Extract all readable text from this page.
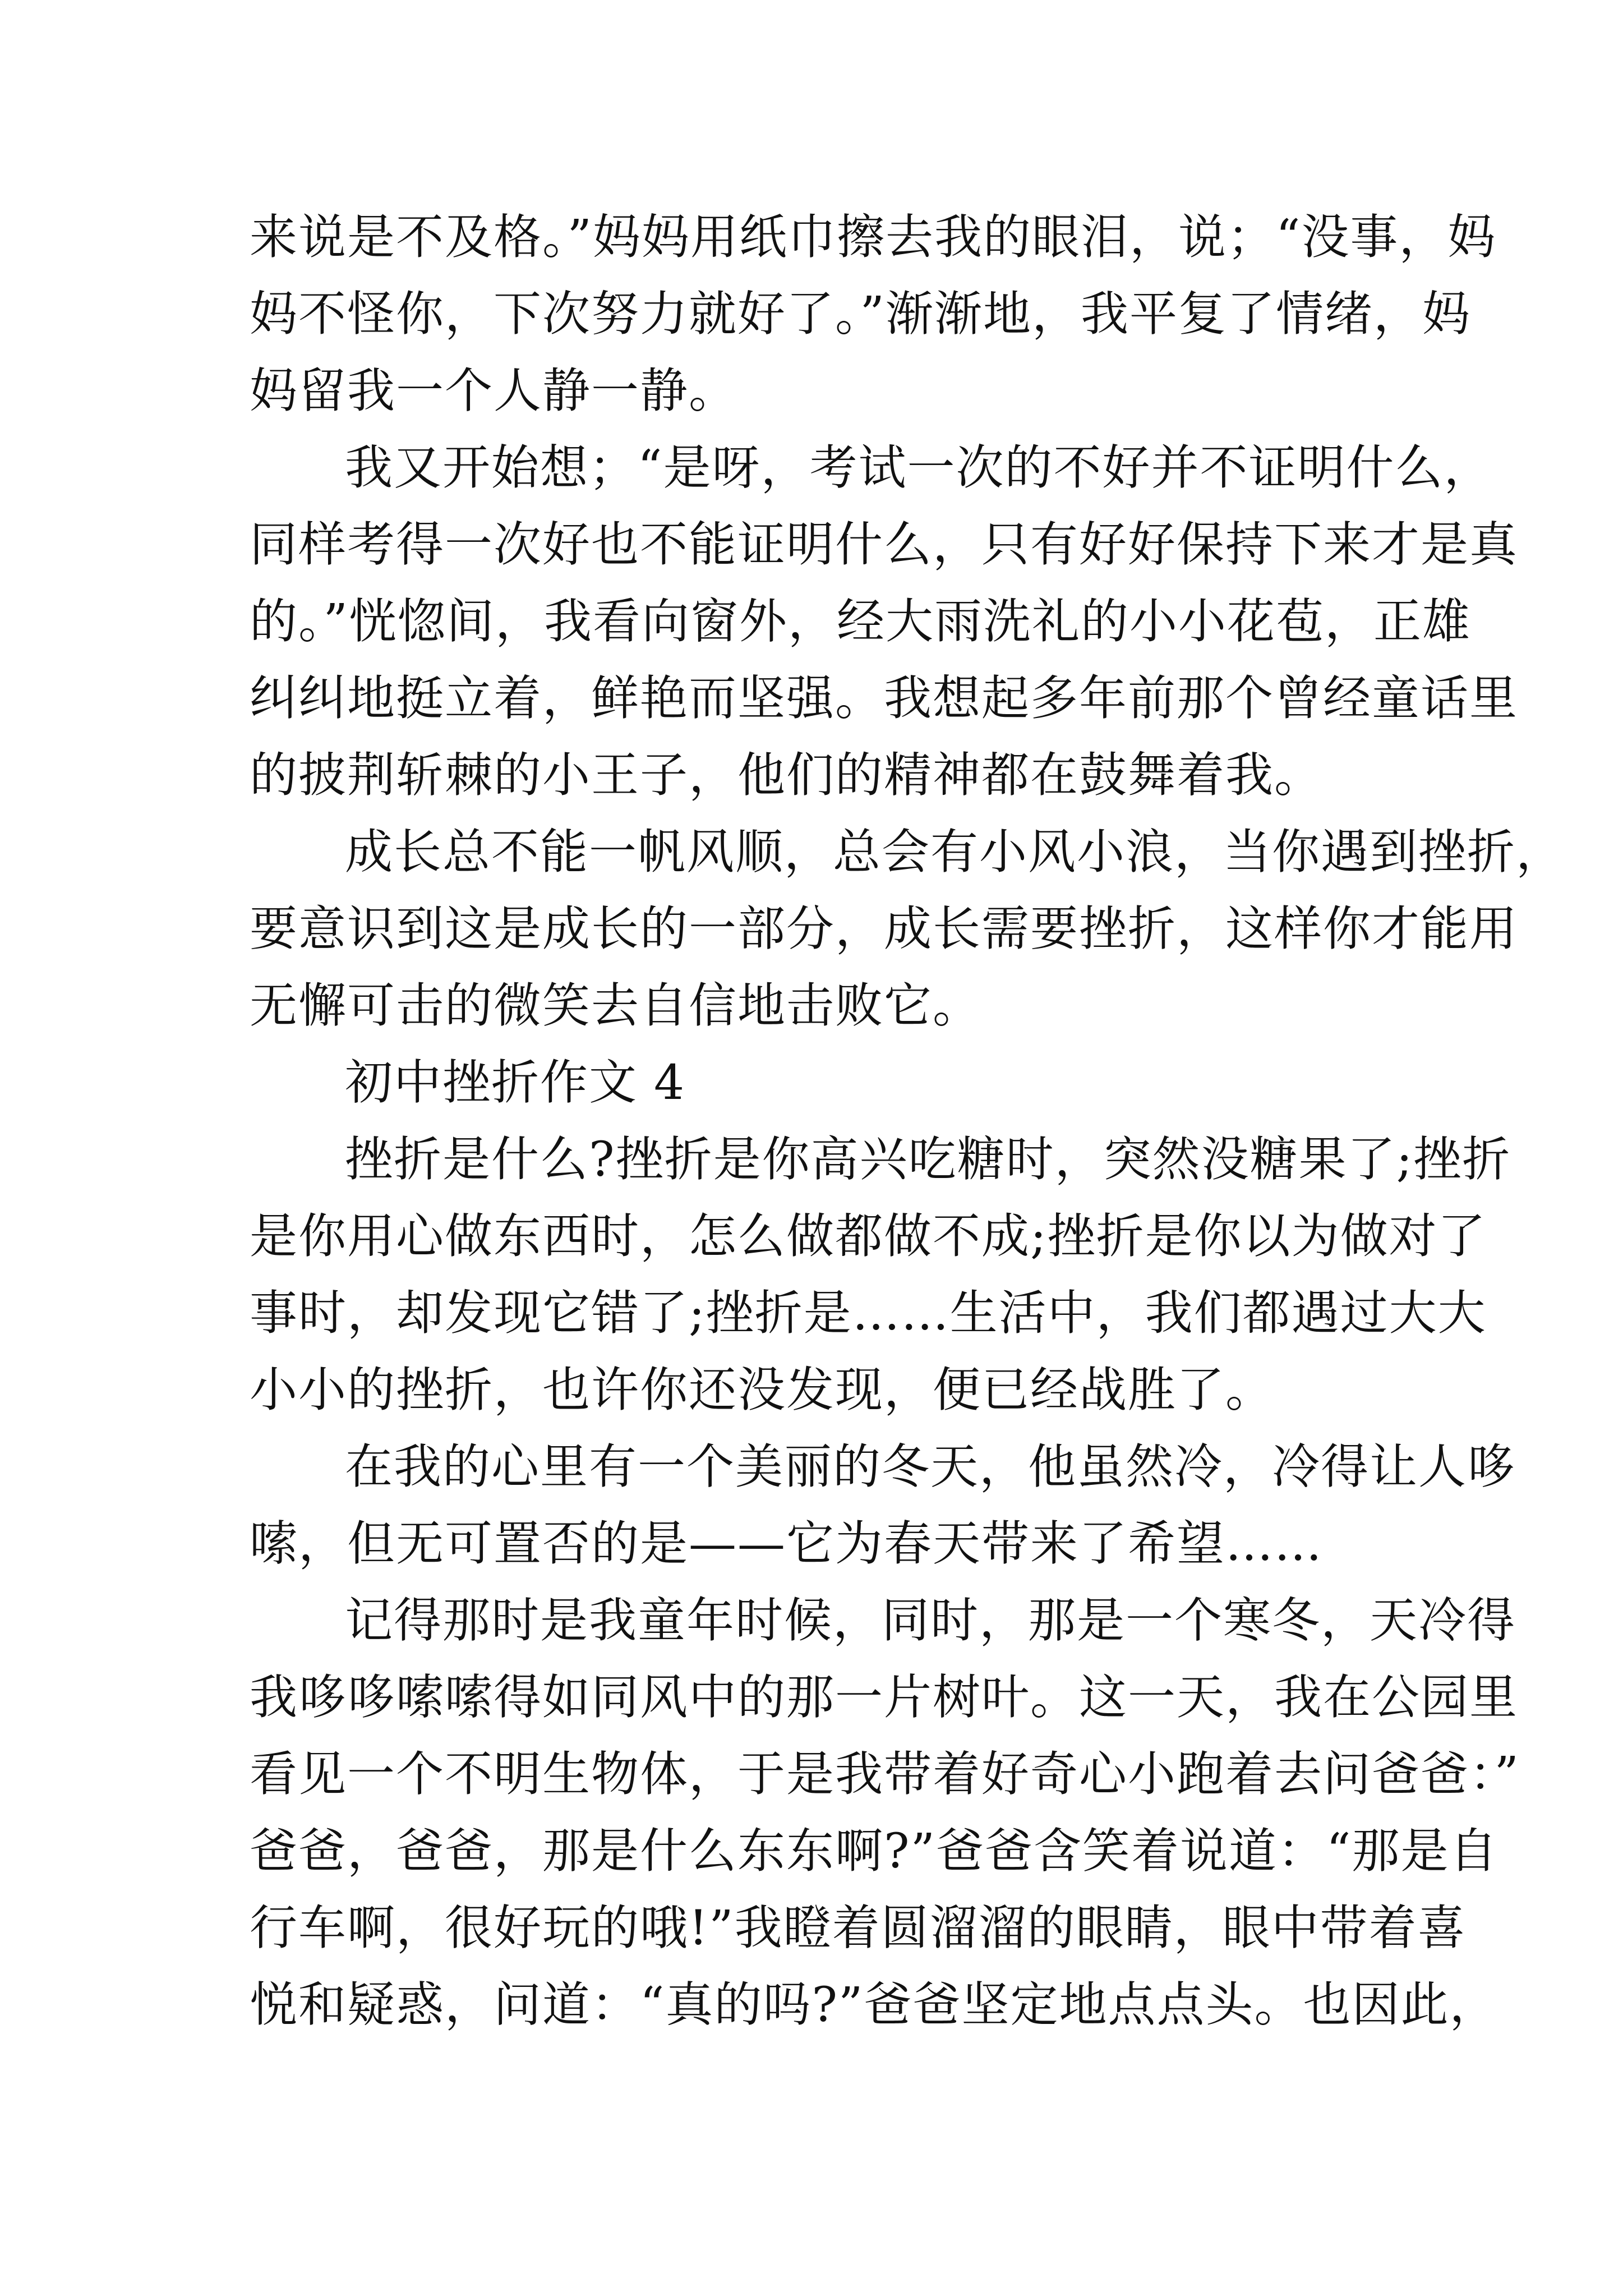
来说是不及格。”妈妈用纸巾擦去我的眼泪，说；“没事，妈
妈不怪你，下次努力就好了。”渐渐地，我平复了情绪，妈
妈留我一个人静一静。

我又开始想；“是呀，考试一次的不好并不证明什么，
同样考得一次好也不能证明什么，只有好好保持下来才是真
的。”恍惚间，我看向窗外，经大雨洗礼的小小花苞，正雄
纠纠地挺立着，鲜艳而坚强。我想起多年前那个曾经童话里
的披荆斩棘的小王子，他们的精神都在鼓舞着我。

成长总不能一帆风顺，总会有小风小浪，当你遇到挫折，
要意识到这是成长的一部分，成长需要挫折，这样你才能用
无懈可击的微笑去自信地击败它。

初中挫折作文 4

挫折是什么?挫折是你高兴吃糖时，突然没糖果了;挫折
是你用心做东西时，怎么做都做不成;挫折是你以为做对了
事时，却发现它错了;挫折是……生活中，我们都遇过大大
小小的挫折，也许你还没发现，便已经战胜了。

在我的心里有一个美丽的冬天，他虽然冷，冷得让人哆
嗦，但无可置否的是——它为春天带来了希望……

记得那时是我童年时候，同时，那是一个寒冬，天冷得
我哆哆嗦嗦得如同风中的那一片树叶。这一天，我在公园里
看见一个不明生物体，于是我带着好奇心小跑着去问爸爸：”
爸爸，爸爸，那是什么东东啊?”爸爸含笑着说道：“那是自
行车啊，很好玩的哦!”我瞪着圆溜溜的眼睛，眼中带着喜
悦和疑惑，问道：“真的吗?”爸爸坚定地点点头。也因此，
